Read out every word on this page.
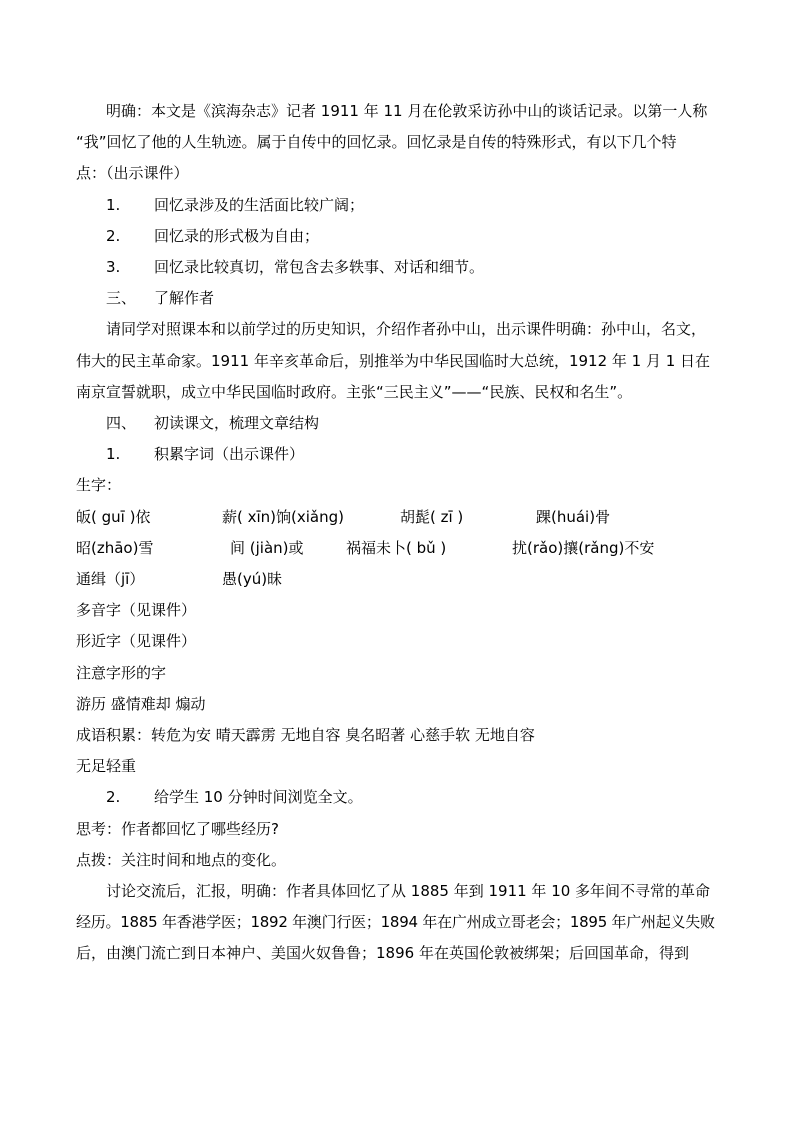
明确：本文是《滨海杂志》记者 1911 年 11 月在伦敦采访孙中山的谈话记录。以第一人称

“我”回忆了他的人生轨迹。属于自传中的回忆录。回忆录是自传的特殊形式，有以下几个特

点：（出示课件）

1. 回忆录涉及的生活面比较广阔；

2. 回忆录的形式极为自由；

3. 回忆录比较真切，常包含去多轶事、对话和细节。

三、 了解作者

请同学对照课本和以前学过的历史知识，介绍作者孙中山，出示课件明确：孙中山，名文，

伟大的民主革命家。1911 年辛亥革命后，别推举为中华民国临时大总统，1912 年 1 月 1 日在

南京宣誓就职，成立中华民国临时政府。主张“三民主义”——“民族、民权和名生”。

四、 初读课文，梳理文章结构

1. 积累字词（出示课件）

生字：

皈( guī )依	薪( xīn)饷(xiǎng)	胡髭( zī )	踝(huái)骨

昭(zhāo)雪	间 (jiàn)或	祸福未卜( bǔ )	扰(rǎo)攘(rǎng)不安

通缉（jī）	愚(yú)昧

多音字（见课件）

形近字（见课件）

注意字形的字

游历 盛情难却 煽动

成语积累：转危为安 晴天霹雳 无地自容 臭名昭著 心慈手软 无地自容

无足轻重

2. 给学生 10 分钟时间浏览全文。

思考：作者都回忆了哪些经历?

点拨：关注时间和地点的变化。

讨论交流后，汇报，明确：作者具体回忆了从 1885 年到 1911 年 10 多年间不寻常的革命

经历。1885 年香港学医；1892 年澳门行医；1894 年在广州成立哥老会；1895 年广州起义失败

后，由澳门流亡到日本神户、美国火奴鲁鲁；1896 年在英国伦敦被绑架；后回国革命，得到
